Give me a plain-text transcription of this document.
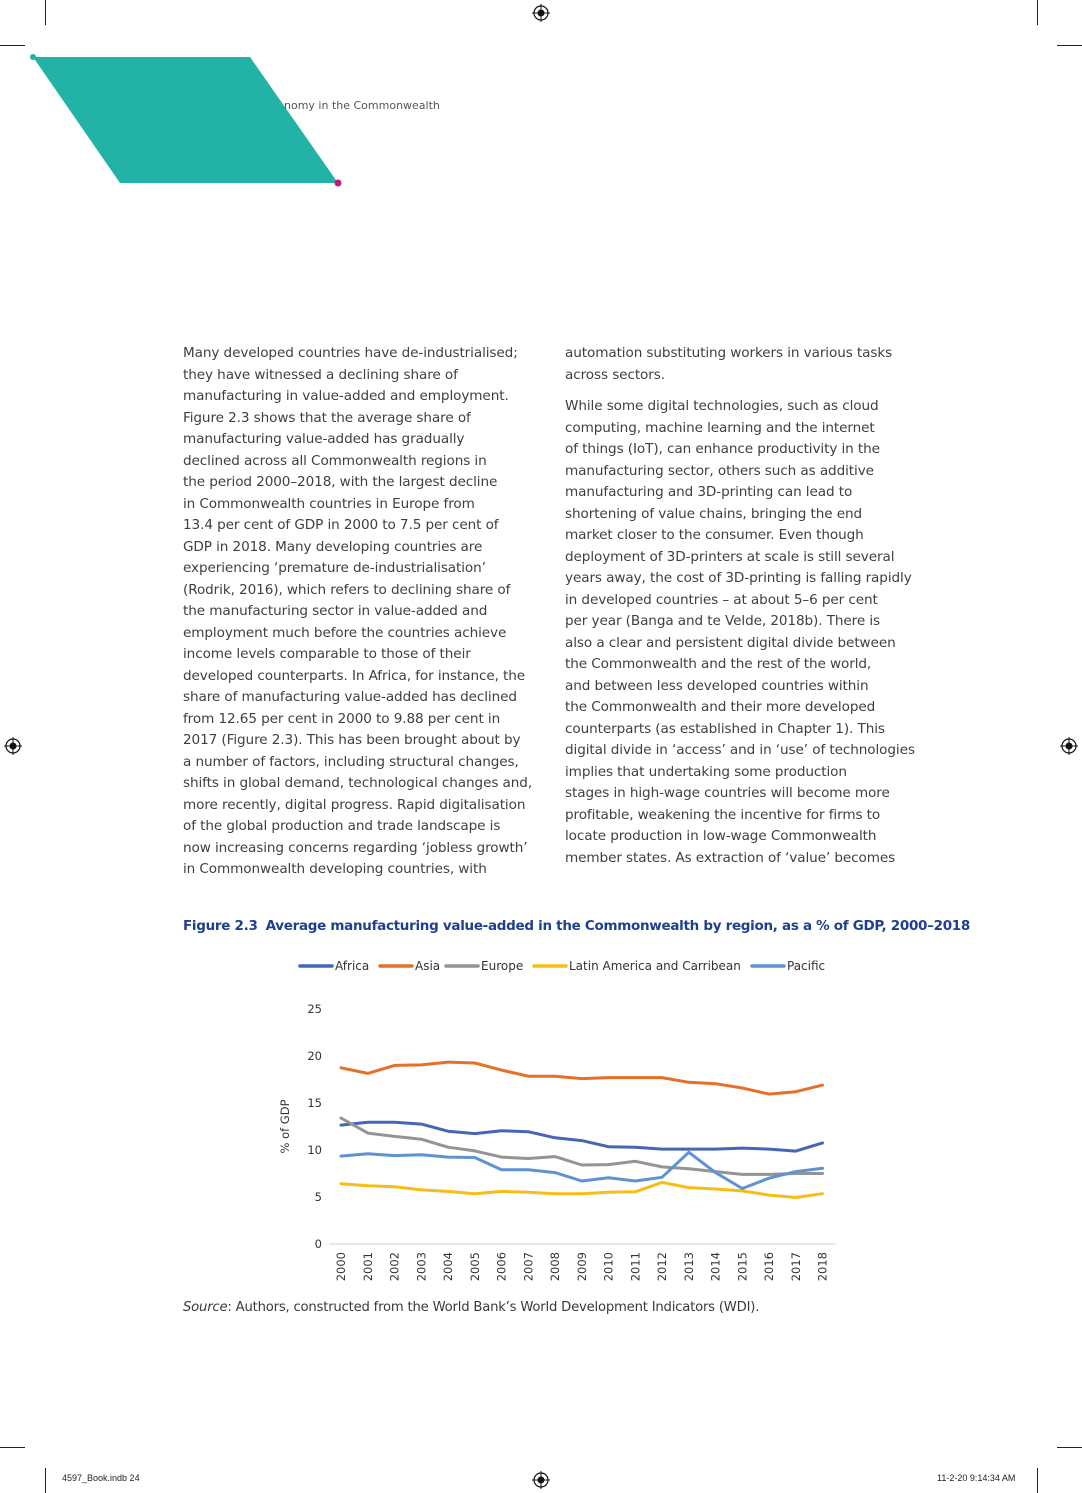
nomy in the Commonwealth

Many developed countries have de-industrialised;
they have witnessed a declining share of
manufacturing in value-added and employment.
Figure 2.3 shows that the average share of
manufacturing value-added has gradually
declined across all Commonwealth regions in
the period 2000–2018, with the largest decline
in Commonwealth countries in Europe from
13.4 per cent of GDP in 2000 to 7.5 per cent of
GDP in 2018. Many developing countries are
experiencing ‘premature de-industrialisation’
(Rodrik, 2016), which refers to declining share of
the manufacturing sector in value-added and
employment much before the countries achieve
income levels comparable to those of their
developed counterparts. In Africa, for instance, the
share of manufacturing value-added has declined
from 12.65 per cent in 2000 to 9.88 per cent in
2017 (Figure 2.3). This has been brought about by
a number of factors, including structural changes,
shifts in global demand, technological changes and,
more recently, digital progress. Rapid digitalisation
of the global production and trade landscape is
now increasing concerns regarding ‘jobless growth’
in Commonwealth developing countries, with

automation substituting workers in various tasks
across sectors.

While some digital technologies, such as cloud
computing, machine learning and the internet
of things (IoT), can enhance productivity in the
manufacturing sector, others such as additive
manufacturing and 3D-printing can lead to
shortening of value chains, bringing the end
market closer to the consumer. Even though
deployment of 3D-printers at scale is still several
years away, the cost of 3D-printing is falling rapidly
in developed countries – at about 5–6 per cent
per year (Banga and te Velde, 2018b). There is
also a clear and persistent digital divide between
the Commonwealth and the rest of the world,
and between less developed countries within
the Commonwealth and their more developed
counterparts (as established in Chapter 1). This
digital divide in ‘access’ and in ‘use’ of technologies
implies that undertaking some production
stages in high-wage countries will become more
profitable, weakening the incentive for firms to
locate production in low-wage Commonwealth
member states. As extraction of ‘value’ becomes

Figure 2.3 Average manufacturing value-added in the Commonwealth by region, as a % of GDP, 2000–2018
Africa	Asia	Europe	Latin America and Carribean	Pacific
0
5
10
15
20
25
% of GDP
2000 2001 2002 2003 2004 2005 2006 2007 2008 2009 2010 2011 2012 2013 2014 2015 2016 2017 2018
Source: Authors, constructed from the World Bank’s World Development Indicators (WDI).
4597_Book.indb 24	11-2-20 9:14:34 AM
